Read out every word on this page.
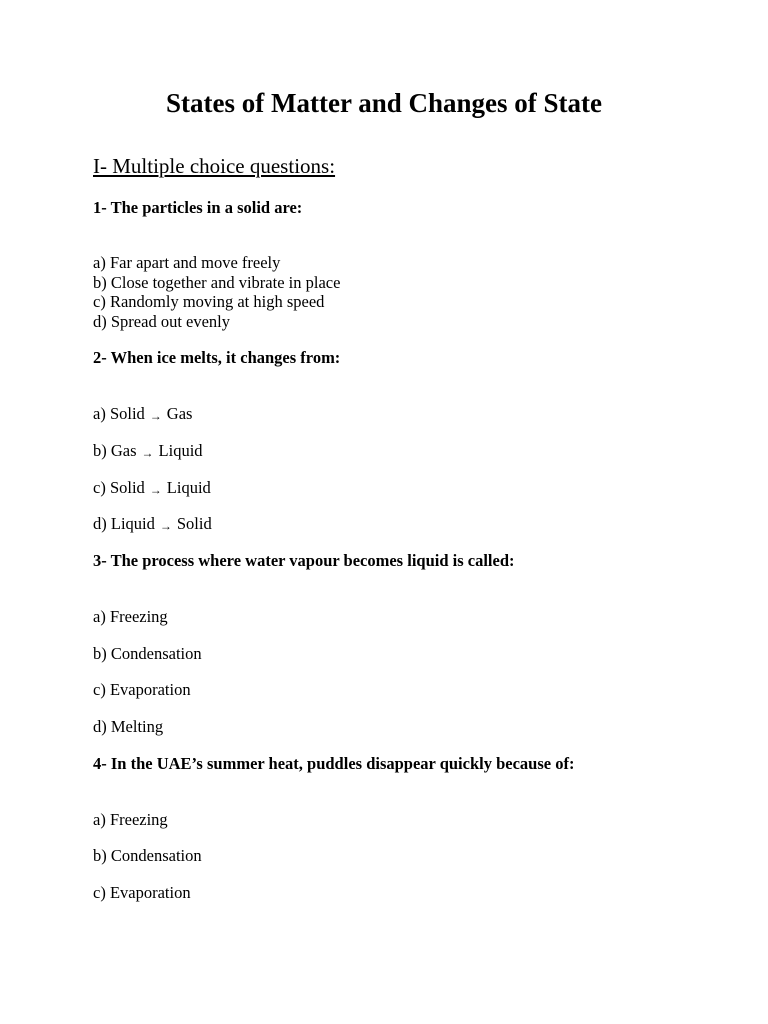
States of Matter and Changes of State
I- Multiple choice questions:
1- The particles in a solid are:
a) Far apart and move freely
b) Close together and vibrate in place
c) Randomly moving at high speed
d) Spread out evenly
2- When ice melts, it changes from:
a) Solid → Gas
b) Gas → Liquid
c) Solid → Liquid
d) Liquid → Solid
3- The process where water vapour becomes liquid is called:
a) Freezing
b) Condensation
c) Evaporation
d) Melting
4- In the UAE’s summer heat, puddles disappear quickly because of:
a) Freezing
b) Condensation
c) Evaporation
